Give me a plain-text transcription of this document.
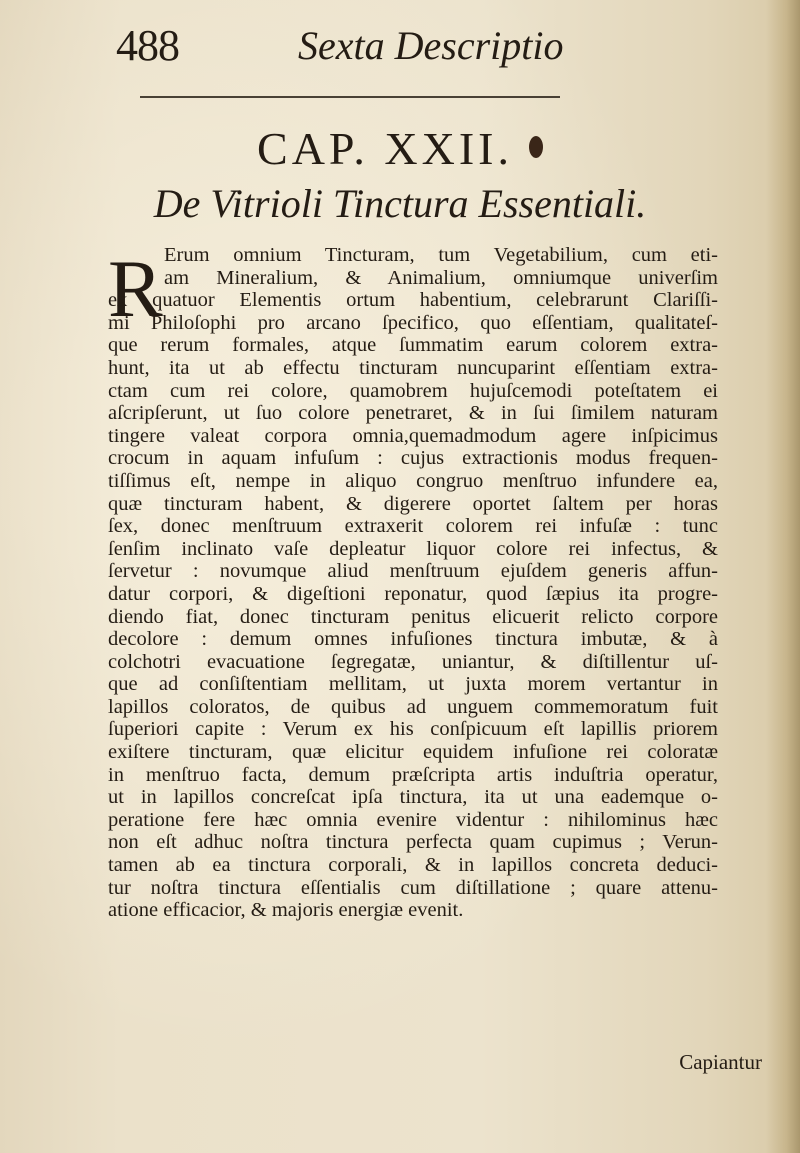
488	Sexta Descriptio
CAP. XXII.
De Vitrioli Tinctura Essentiali.
R Erum omnium Tincturam, tum Vegetabilium, cum eti-
am Mineralium, & Animalium, omniumque univerſim
ex quatuor Elementis ortum habentium, celebrarunt Clariſſi-
mi Philoſophi pro arcano ſpecifico, quo eſſentiam, qualitateſ-
que rerum formales, atque ſummatim earum colorem extra-
hunt, ita ut ab effectu tincturam nuncuparint eſſentiam extra-
ctam cum rei colore, quamobrem hujuſcemodi poteſtatem ei
aſcripſerunt, ut ſuo colore penetraret, & in ſui ſimilem naturam
tingere valeat corpora omnia,quemadmodum agere inſpicimus
crocum in aquam infuſum : cujus extractionis modus frequen-
tiſſimus eſt, nempe in aliquo congruo menſtruo infundere ea,
quæ tincturam habent, & digerere oportet ſaltem per horas
ſex, donec menſtruum extraxerit colorem rei infuſæ : tunc
ſenſim inclinato vaſe depleatur liquor colore rei infectus, &
ſervetur : novumque aliud menſtruum ejuſdem generis affun-
datur corpori, & digeſtioni reponatur, quod ſæpius ita progre-
diendo fiat, donec tincturam penitus elicuerit relicto corpore
decolore : demum omnes infuſiones tinctura imbutæ, & à
colchotri evacuatione ſegregatæ, uniantur, & diſtillentur uſ-
que ad conſiſtentiam mellitam, ut juxta morem vertantur in
lapillos coloratos, de quibus ad unguem commemoratum fuit
ſuperiori capite : Verum ex his conſpicuum eſt lapillis priorem
exiſtere tincturam, quæ elicitur equidem infuſione rei coloratæ
in menſtruo facta, demum præſcripta artis induſtria operatur,
ut in lapillos concreſcat ipſa tinctura, ita ut una eademque o-
peratione fere hæc omnia evenire videntur : nihilominus hæc
non eſt adhuc noſtra tinctura perfecta quam cupimus ; Verun-
tamen ab ea tinctura corporali, & in lapillos concreta deduci-
tur noſtra tinctura eſſentialis cum diſtillatione ; quare attenu-
atione efficacior, & majoris energiæ evenit.
Capiantur
